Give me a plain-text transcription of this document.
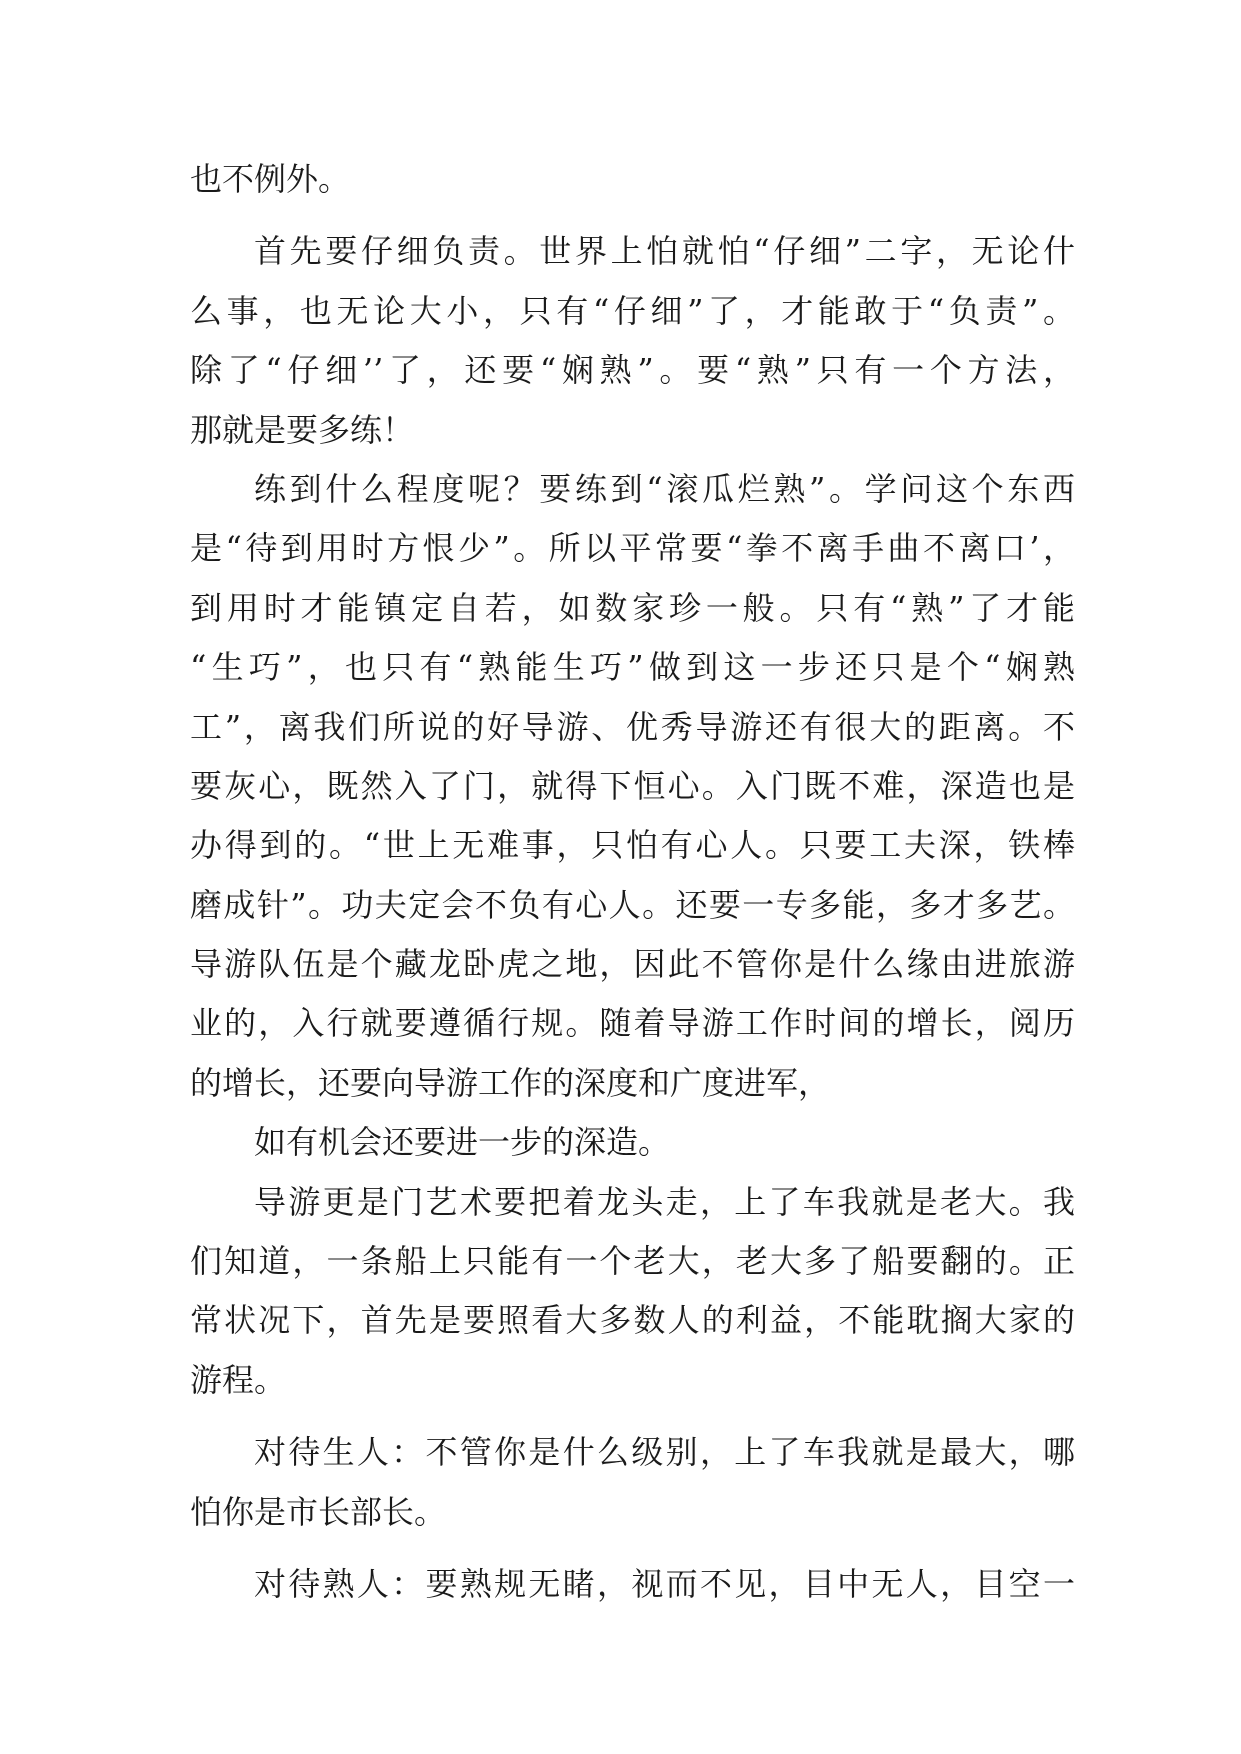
也不例外。
首先要仔细负责。世界上怕就怕“仔细”二字，无论什
么事，也无论大小，只有“仔细”了，才能敢于“负责”。
除了“仔细’’了，还要“娴熟”。要“熟”只有一个方法，
那就是要多练！
练到什么程度呢？要练到“滚瓜烂熟”。学问这个东西
是“待到用时方恨少”。所以平常要“拳不离手曲不离口’，
到用时才能镇定自若，如数家珍一般。只有“熟”了才能
“生巧”，也只有“熟能生巧”做到这一步还只是个“娴熟
工”，离我们所说的好导游、优秀导游还有很大的距离。不
要灰心，既然入了门，就得下恒心。入门既不难，深造也是
办得到的。“世上无难事，只怕有心人。只要工夫深，铁棒
磨成针”。功夫定会不负有心人。还要一专多能，多才多艺。
导游队伍是个藏龙卧虎之地，因此不管你是什么缘由进旅游
业的，入行就要遵循行规。随着导游工作时间的增长，阅历
的增长，还要向导游工作的深度和广度进军，
如有机会还要进一步的深造。
导游更是门艺术要把着龙头走，上了车我就是老大。我
们知道，一条船上只能有一个老大，老大多了船要翻的。正
常状况下，首先是要照看大多数人的利益，不能耽搁大家的
游程。
对待生人：不管你是什么级别，上了车我就是最大，哪
怕你是市长部长。
对待熟人：要熟规无睹，视而不见，目中无人，目空一
